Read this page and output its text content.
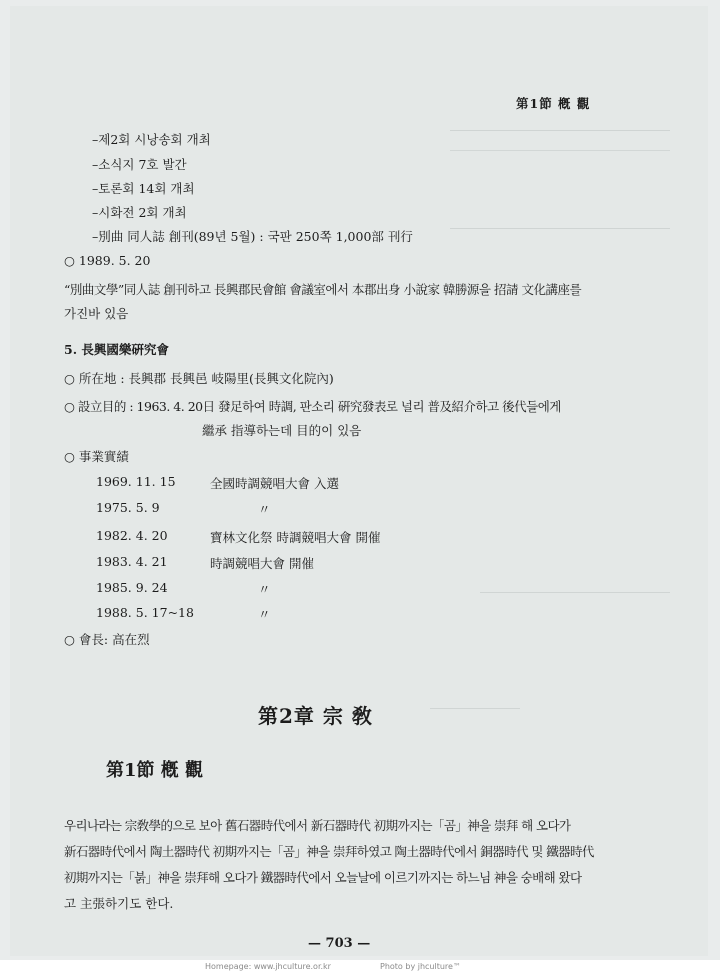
第1節 槪 觀
–제2회 시낭송회 개최
–소식지 7호 발간
–토론회 14회 개최
–시화전 2회 개최
–別曲 同人誌 創刊(89년 5월) : 국판 250쪽 1,000部 刊行
○ 1989. 5. 20
“別曲文學”同人誌 創刊하고 長興郡民會館 會議室에서 本郡出身 小說家 韓勝源을 招請 文化講座를
가진바 있음
5. 長興國樂硏究會
○ 所在地 : 長興郡 長興邑 岐陽里(長興文化院內)
○ 設立目的 : 1963. 4. 20日 發足하여 時調, 판소리 硏究發表로 널리 普及紹介하고 後代들에게
繼承 指導하는데 目的이 있음
○ 事業實績
1969. 11. 15	全國時調競唱大會 入選
1975. 5. 9	〃
1982. 4. 20	寶林文化祭 時調競唱大會 開催
1983. 4. 21	時調競唱大會 開催
1985. 9. 24	〃
1988. 5. 17~18	〃
○ 會長: 高在烈
第2章 宗 敎
第1節 槪 觀
우리나라는 宗敎學的으로 보아 舊石器時代에서 新石器時代 初期까지는「곰」神을 崇拜 해 오다가
新石器時代에서 陶土器時代 初期까지는「곰」神을 崇拜하였고 陶土器時代에서 銅器時代 및 鐵器時代
初期까지는「붉」神을 崇拜해 오다가 鐵器時代에서 오늘날에 이르기까지는 하느님 神을 숭배해 왔다
고 主張하기도 한다.
— 703 —
Homepage: www.jhculture.or.kr	Photo by jhculture™
